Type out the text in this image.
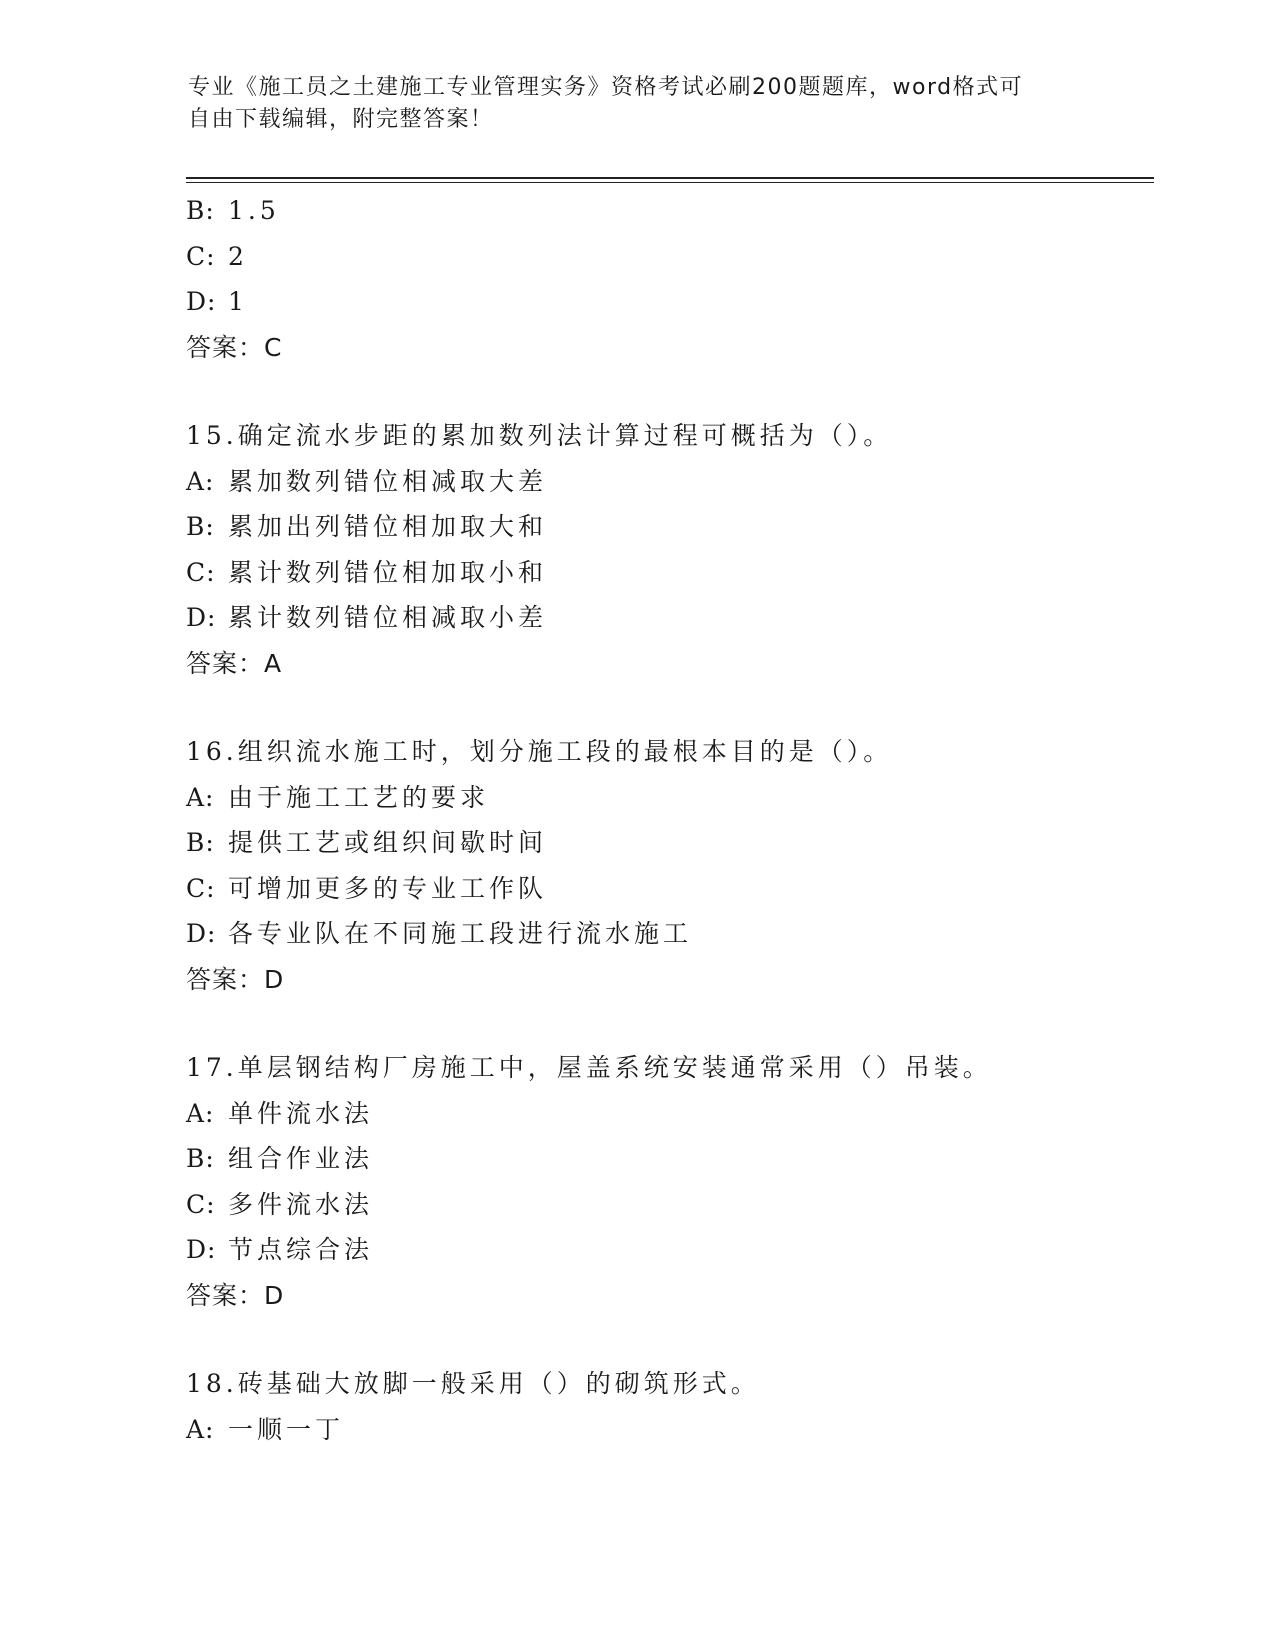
专业《施工员之土建施工专业管理实务》资格考试必刷200题题库，word格式可
自由下载编辑，附完整答案！
B: 1.5
C: 2
D: 1
答案：C
15.确定流水步距的累加数列法计算过程可概括为（）。
A: 累加数列错位相减取大差
B: 累加出列错位相加取大和
C: 累计数列错位相加取小和
D: 累计数列错位相减取小差
答案：A
16.组织流水施工时，划分施工段的最根本目的是（）。
A: 由于施工工艺的要求
B: 提供工艺或组织间歇时间
C: 可增加更多的专业工作队
D: 各专业队在不同施工段进行流水施工
答案：D
17.单层钢结构厂房施工中，屋盖系统安装通常采用（）吊装。
A: 单件流水法
B: 组合作业法
C: 多件流水法
D: 节点综合法
答案：D
18.砖基础大放脚一般采用（）的砌筑形式。
A: 一顺一丁
